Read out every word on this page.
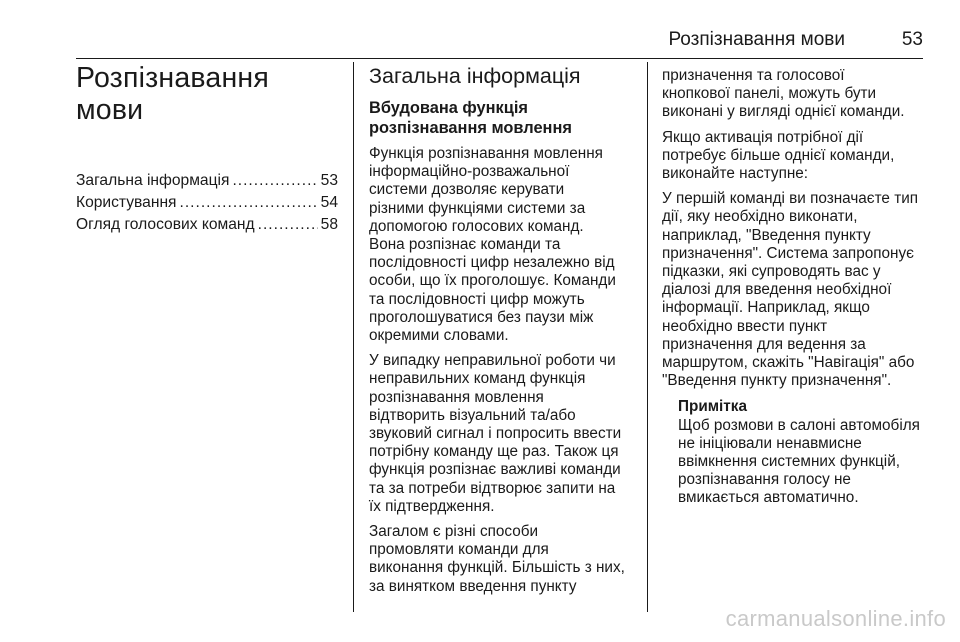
Розпізнавання мови	53
Розпізнавання
мови
Загальна інформація .....	53
Користування .....	54
Огляд голосових команд .....	58
Загальна інформація
Вбудована функція
розпізнавання мовлення

Функція розпізнавання мовлення
інформаційно-розважальної
системи дозволяє керувати
різними функціями системи за
допомогою голосових команд.
Вона розпізнає команди та
послідовності цифр незалежно від
особи, що їх проголошує. Команди
та послідовності цифр можуть
проголошуватися без паузи між
окремими словами.

У випадку неправильної роботи чи
неправильних команд функція
розпізнавання мовлення
відтворить візуальний та/або
звуковий сигнал і попросить ввести
потрібну команду ще раз. Також ця
функція розпізнає важливі команди
та за потреби відтворює запити на
їх підтвердження.

Загалом є різні способи
промовляти команди для
виконання функцій. Більшість з них,
за винятком введення пункту

призначення та голосової
кнопкової панелі, можуть бути
виконані у вигляді однієї команди.

Якщо активація потрібної дії
потребує більше однієї команди,
виконайте наступне:

У першій команді ви позначаєте тип
дії, яку необхідно виконати,
наприклад, "Введення пункту
призначення". Система запропонує
підказки, які супроводять вас у
діалозі для введення необхідної
інформації. Наприклад, якщо
необхідно ввести пункт
призначення для ведення за
маршрутом, скажіть "Навігація" або
"Введення пункту призначення".

Примітка

Щоб розмови в салоні автомобіля
не ініціювали ненавмисне
ввімкнення системних функцій,
розпізнавання голосу не
вмикається автоматично.

carmanualsonline.info
